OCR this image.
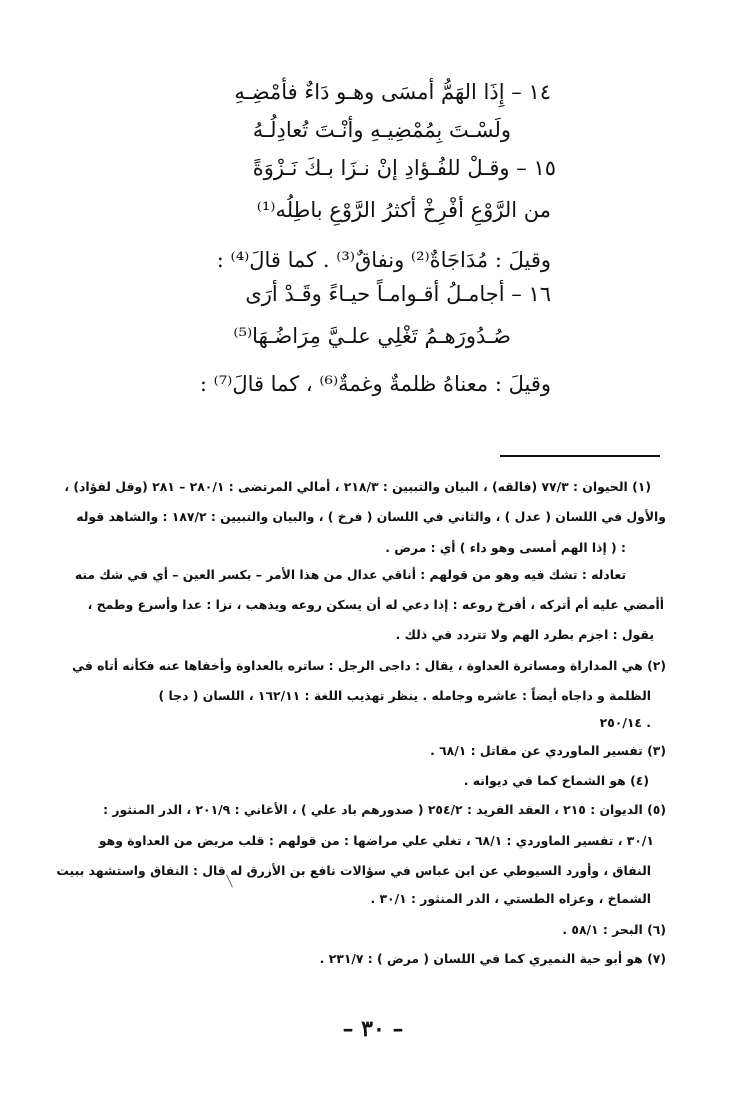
١٤ – إِذَا الهَمُّ أمسَى وهـو دَاءٌ فأمْضِـهِ
ولَسْـتَ بِمُمْضِيـهِ وأنْـتَ تُعادِلُـهُ
١٥ – وقـلْ للفُـؤادِ إنْ نـزَا بـكَ نَـزْوَةً
من الرَّوْعِ أفْرِخْ أكثرُ الرَّوْعِ باطِلُه⁽¹⁾
وقيلَ : مُدَاجَاةٌ⁽²⁾ ونفاقٌ⁽³⁾ . كما قالَ⁽⁴⁾ :
١٦ – أجامـلُ أقـوامـاً حيـاءً وقَـدْ أرَى
صُـدُورَهـمُ تَغْلِي علـيَّ مِرَاضُـهَا⁽⁵⁾
وقيلَ : معناهُ ظلمةٌ وغمةٌ⁽⁶⁾ ، كما قالَ⁽⁷⁾ :
(١) الحيوان : ٧٧/٣ (فالقه) ، البيان والتبيين : ٢١٨/٣ ، أمالي المرتضى : ٢٨٠/١ – ٢٨١ (وقل لفؤاد) ،
والأول في اللسان ( عدل ) ، والثاني في اللسان ( فرخ ) ، والبيان والتبيين : ١٨٧/٢ : والشاهد قوله
: ( إذا الهم أمسى وهو داء ) أي : مرض .
تعادله : تشك فيه وهو من قولهم : أناقي عدال من هذا الأمر – بكسر العين – أي في شك منه
أأمضي عليه أم أتركه ، أفرخ روعه : إذا دعي له أن يسكن روعه ويذهب ، نزا : عدا وأسرع وطمح ،
يقول : اجزم بطرد الهم ولا تتردد في ذلك .
(٢) هي المداراة ومساترة العداوة ، يقال : داجى الرجل : ساتره بالعداوة وأخفاها عنه فكأنه أتاه في
الظلمة و داجاه أيضاً : عاشره وجامله . ينظر تهذيب اللغة : ١٦٢/١١ ، اللسان ( دجا )
. ٢٥٠/١٤
(٣) تفسير الماوردي عن مقاتل : ٦٨/١ .
(٤) هو الشماخ كما في ديوانه .
(٥) الديوان : ٢١٥ ، العقد الفريد : ٢٥٤/٢ ( صدورهم باد علي ) ، الأغاني : ٢٠١/٩ ، الدر المنثور :
٣٠/١ ، تفسير الماوردي : ٦٨/١ ، تغلي علي مراضها : من قولهم : قلب مريض من العداوة وهو
النفاق ، وأورد السيوطي عن ابن عباس في سؤالات نافع بن الأزرق له قال : النفاق واستشهد ببيت
الشماخ ، وعزاه الطستي ، الدر المنثور : ٣٠/١ .
(٦) البحر : ٥٨/١ .
(٧) هو أبو حية النميري كما في اللسان ( مرض ) : ٢٣١/٧ .
– ٣٠ –
